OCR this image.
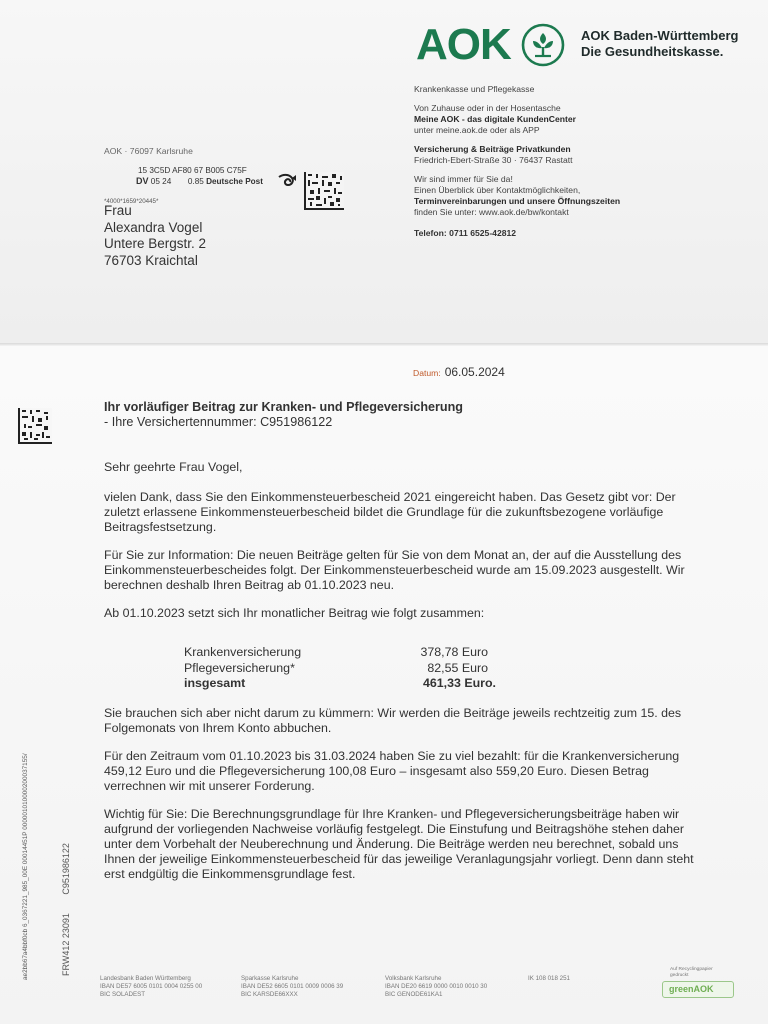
AOK	AOK Baden-Württemberg
Die Gesundheitskasse.
Krankenkasse und Pflegekasse
Von Zuhause oder in der Hosentasche
Meine AOK - das digitale KundenCenter
unter meine.aok.de oder als APP
Versicherung & Beiträge Privatkunden
Friedrich-Ebert-Straße 30 · 76437 Rastatt
Wir sind immer für Sie da!
Einen Überblick über Kontaktmöglichkeiten,
Terminvereinbarungen und unsere Öffnungszeiten
finden Sie unter: www.aok.de/bw/kontakt
Telefon: 0711 6525-42812
AOK · 76097 Karlsruhe
15 3C5D AF80 67 B005 C75F
DV 05 24 0.85 Deutsche Post
*4000*1659*20445*
Frau
Alexandra Vogel
Untere Bergstr. 2
76703 Kraichtal
Datum: 06.05.2024
Ihr vorläufiger Beitrag zur Kranken- und Pflegeversicherung
- Ihre Versichertennummer: C951986122

Sehr geehrte Frau Vogel,

vielen Dank, dass Sie den Einkommensteuerbescheid 2021 eingereicht haben. Das Gesetz gibt vor: Der zuletzt erlassene Einkommensteuerbescheid bildet die Grundlage für die zukunftsbezogene vorläufige Beitragsfestsetzung.

Für Sie zur Information: Die neuen Beiträge gelten für Sie von dem Monat an, der auf die Ausstellung des Einkommensteuerbescheides folgt. Der Einkommensteuerbescheid wurde am 15.09.2023 ausgestellt. Wir berechnen deshalb Ihren Beitrag ab 01.10.2023 neu.

Ab 01.10.2023 setzt sich Ihr monatlicher Beitrag wie folgt zusammen:

Krankenversicherung	378,78 Euro
Pflegeversicherung*	82,55 Euro
insgesamt	461,33 Euro.

Sie brauchen sich aber nicht darum zu kümmern: Wir werden die Beiträge jeweils rechtzeitig zum 15. des Folgemonats von Ihrem Konto abbuchen.

Für den Zeitraum vom 01.10.2023 bis 31.03.2024 haben Sie zu viel bezahlt: für die Krankenversicherung 459,12 Euro und die Pflegeversicherung 100,08 Euro – insgesamt also 559,20 Euro. Diesen Betrag verrechnen wir mit unserer Forderung.

Wichtig für Sie: Die Berechnungsgrundlage für Ihre Kranken- und Pflegeversicherungsbeiträge haben wir aufgrund der vorliegenden Nachweise vorläufig festgelegt. Die Einstufung und Beitragshöhe stehen daher unter dem Vorbehalt der Neuberechnung und Änderung. Die Beiträge werden neu berechnet, sobald uns Ihnen der jeweilige Einkommensteuerbescheid für das jeweilige Veranlagungsjahr vorliegt. Denn dann steht erst endgültig die Einkommensgrundlage fest.

ae2bb67a4bbf0cb 6_0367221_985_00E 00014451P 000001010000200037155/	FRW412 23091 C951986122
Landesbank Baden Württemberg
IBAN DE57 6005 0101 0004 0255 00
BIC SOLADEST
Sparkasse Karlsruhe
IBAN DE52 6605 0101 0009 0006 39
BIC KARSDE66XXX
Volksbank Karlsruhe
IBAN DE20 6619 0000 0010 0010 30
BIC GENODE61KA1
IK 108 018 251
Auf Recyclingpapier gedruckt
greenAOK
